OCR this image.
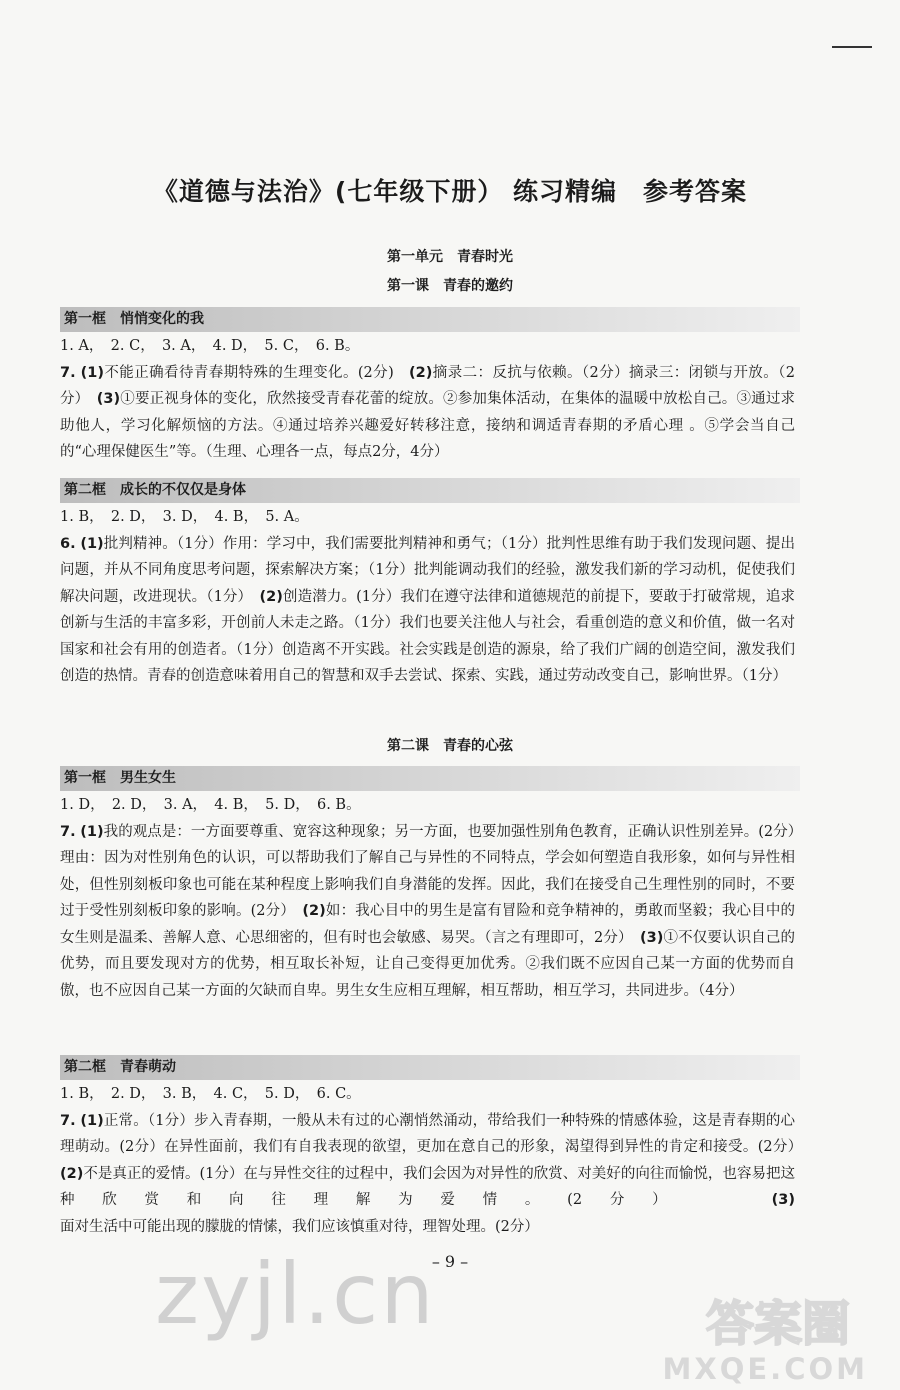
《道德与法治》(七年级下册） 练习精编　参考答案
第一单元　青春时光
第一课　青春的邀约
第一框　悄悄变化的我

1. A，　2. C，　3. A，　4. D，　5. C，　6. B。

7. (1)不能正确看待青春期特殊的生理变化。(2分)　(2)摘录二：反抗与依赖。（2分）摘录三：闭锁与开放。（2分）　(3)①要正视身体的变化，欣然接受青春花蕾的绽放。②参加集体活动，在集体的温暖中放松自己。③通过求助他人，学习化解烦恼的方法。④通过培养兴趣爱好转移注意，接纳和调适青春期的矛盾心理 。⑤学会当自己的“心理保健医生”等。（生理、心理各一点，每点2分，4分）

第二框　成长的不仅仅是身体

1. B，　2. D，　3. D，　4. B，　5. A。

6. (1)批判精神。（1分）作用：学习中，我们需要批判精神和勇气；（1分）批判性思维有助于我们发现问题、提出问题，并从不同角度思考问题，探索解决方案；（1分）批判能调动我们的经验，激发我们新的学习动机，促使我们解决问题，改进现状。（1分）　(2)创造潜力。(1分）我们在遵守法律和道德规范的前提下，要敢于打破常规，追求创新与生活的丰富多彩，开创前人未走之路。（1分）我们也要关注他人与社会，看重创造的意义和价值，做一名对国家和社会有用的创造者。（1分）创造离不开实践。社会实践是创造的源泉，给了我们广阔的创造空间，激发我们创造的热情。青春的创造意味着用自己的智慧和双手去尝试、探索、实践，通过劳动改变自己，影响世界。（1分）

第二课　青春的心弦
第一框　男生女生

1. D，　2. D，　3. A，　4. B，　5. D，　6. B。

7. (1)我的观点是：一方面要尊重、宽容这种现象；另一方面，也要加强性别角色教育，正确认识性别差异。(2分）理由：因为对性别角色的认识，可以帮助我们了解自己与异性的不同特点，学会如何塑造自我形象，如何与异性相处，但性别刻板印象也可能在某种程度上影响我们自身潜能的发挥。因此，我们在接受自己生理性别的同时，不要过于受性别刻板印象的影响。(2分）　(2)如：我心目中的男生是富有冒险和竞争精神的，勇敢而坚毅；我心目中的女生则是温柔、善解人意、心思细密的，但有时也会敏感、易哭。（言之有理即可，2分）　(3)①不仅要认识自己的优势，而且要发现对方的优势，相互取长补短，让自己变得更加优秀。②我们既不应因自己某一方面的优势而自傲，也不应因自己某一方面的欠缺而自卑。男生女生应相互理解，相互帮助，相互学习，共同进步。（4分）

第二框　青春萌动

1. B，　2. D，　3. B，　4. C，　5. D，　6. C。

7. (1)正常。（1分）步入青春期，一般从未有过的心潮悄然涌动，带给我们一种特殊的情感体验，这是青春期的心理萌动。(2分）在异性面前，我们有自我表现的欲望，更加在意自己的形象，渴望得到异性的肯定和接受。(2分）　　(2)不是真正的爱情。(1分）在与异性交往的过程中，我们会因为对异性的欣赏、对美好的向往而愉悦，也容易把这种欣赏和向往理解为爱情。(2分）　　(3)面对生活中可能出现的朦胧的情愫，我们应该慎重对待，理智处理。(2分）

– 9 –
zyjl.cn	答案圈
MXQE.COM
